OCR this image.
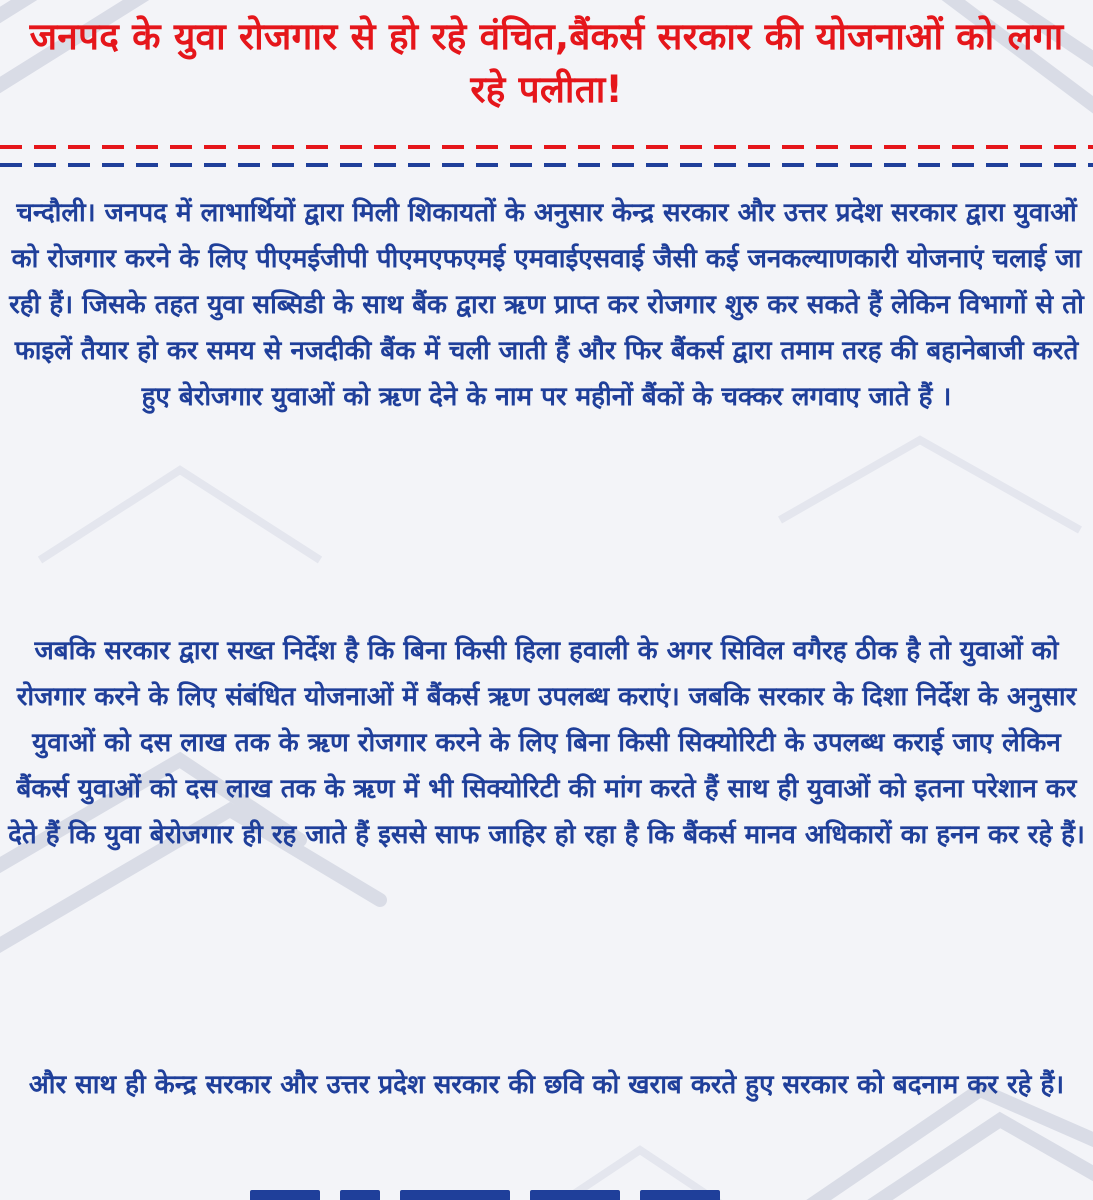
जनपद के युवा रोजगार से हो रहे वंचित,बैंकर्स सरकार की योजनाओं को लगा रहे पलीता!

चन्दौली। जनपद में लाभार्थियों द्वारा मिली शिकायतों के अनुसार केन्द्र सरकार और उत्तर प्रदेश सरकार द्वारा युवाओं को रोजगार करने के लिए पीएमईजीपी पीएमएफएमई एमवाईएसवाई जैसी कई जनकल्याणकारी योजनाएं चलाई जा रही हैं। जिसके तहत युवा सब्सिडी के साथ बैंक द्वारा ऋण प्राप्त कर रोजगार शुरु कर सकते हैं लेकिन विभागों से तो फाइलें तैयार हो कर समय से नजदीकी बैंक में चली जाती हैं और फिर बैंकर्स द्वारा तमाम तरह की बहानेबाजी करते हुए बेरोजगार युवाओं को ऋण देने के नाम पर महीनों बैंकों के चक्कर लगवाए जाते हैं ।

जबकि सरकार द्वारा सख्त निर्देश है कि बिना किसी हिला हवाली के अगर सिविल वगैरह ठीक है तो युवाओं को रोजगार करने के लिए संबंधित योजनाओं में बैंकर्स ऋण उपलब्ध कराएं। जबकि सरकार के दिशा निर्देश के अनुसार युवाओं को दस लाख तक के ऋण रोजगार करने के लिए बिना किसी सिक्योरिटी के उपलब्ध कराई जाए लेकिन बैंकर्स युवाओं को दस लाख तक के ऋण में भी सिक्योरिटी की मांग करते हैं साथ ही युवाओं को इतना परेशान कर देते हैं कि युवा बेरोजगार ही रह जाते हैं इससे साफ जाहिर हो रहा है कि बैंकर्स मानव अधिकारों का हनन कर रहे हैं।

और साथ ही केन्द्र सरकार और उत्तर प्रदेश सरकार की छवि को खराब करते हुए सरकार को बदनाम कर रहे हैं।
